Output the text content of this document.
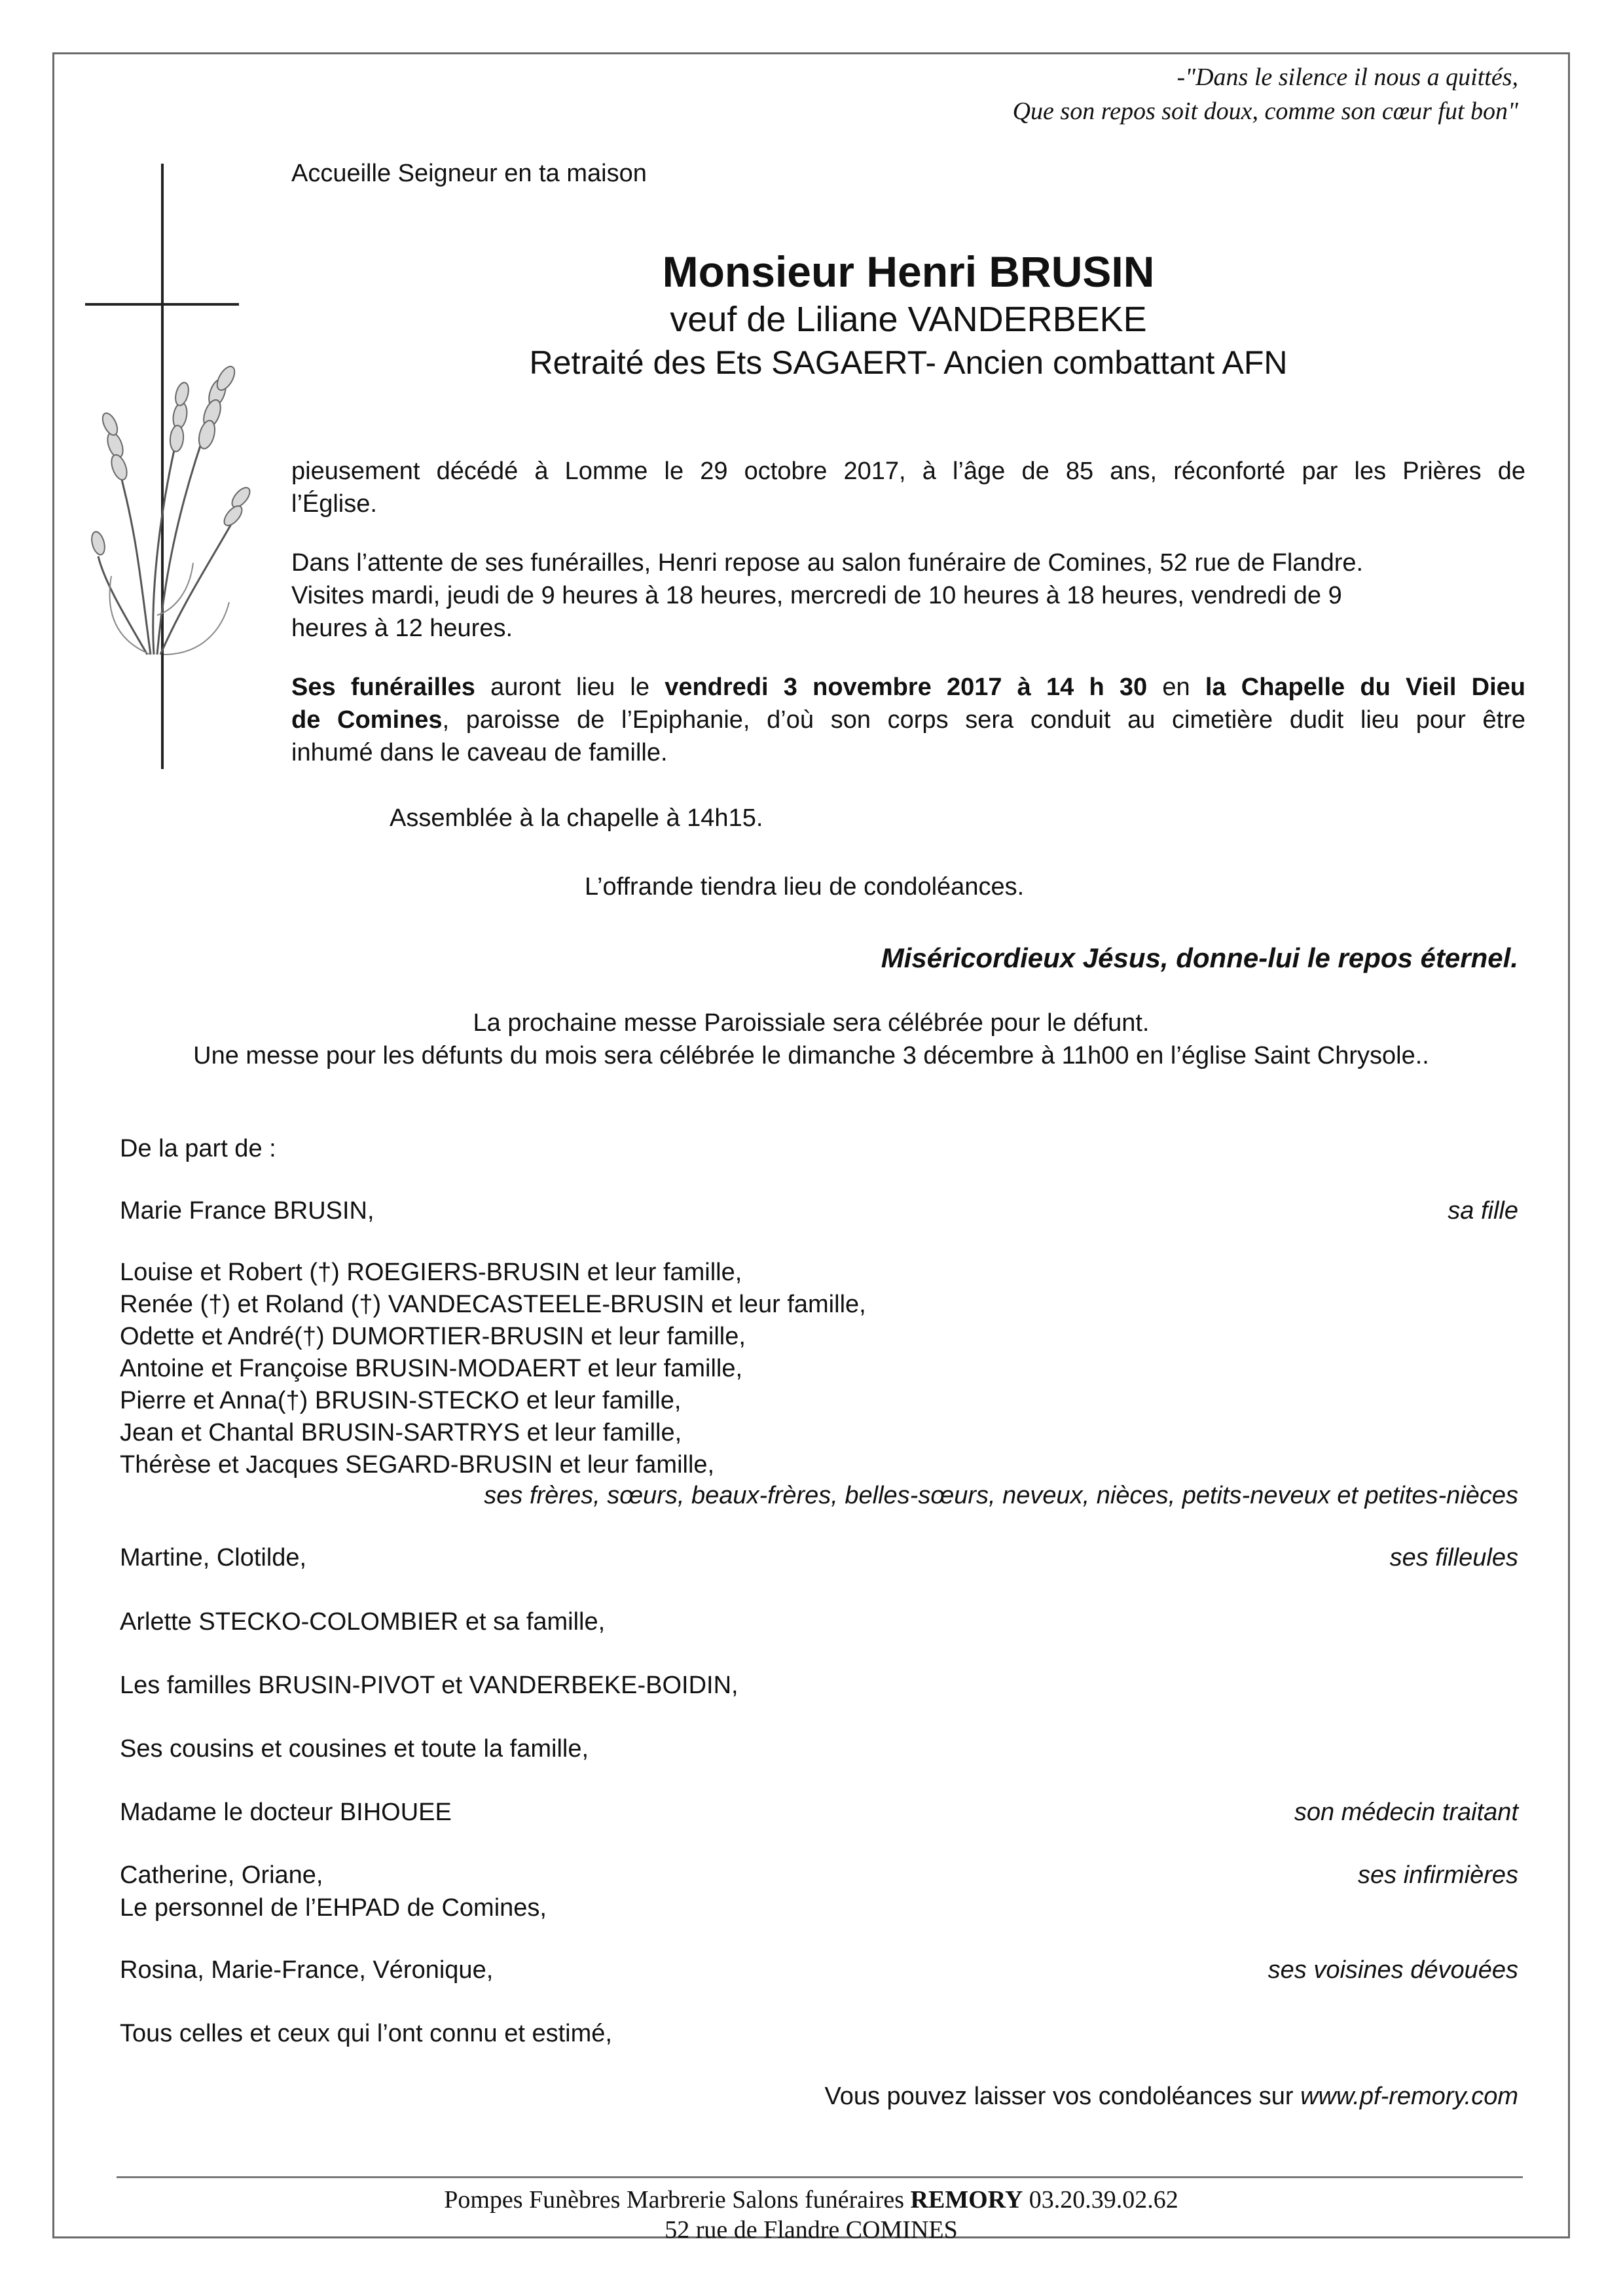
-"Dans le silence il nous a quittés,
Que son repos soit doux, comme son cœur fut bon"
Accueille Seigneur en ta maison
Monsieur Henri BRUSIN
veuf de Liliane VANDERBEKE
Retraité des Ets SAGAERT- Ancien combattant AFN
pieusement décédé à Lomme le 29 octobre 2017, à l’âge de 85 ans, réconforté par les Prières de
l’Église.
Dans l’attente de ses funérailles, Henri repose au salon funéraire de Comines, 52 rue de Flandre.
Visites mardi, jeudi de 9 heures à 18 heures, mercredi de 10 heures à 18 heures, vendredi de 9
heures à 12 heures.
Ses funérailles auront lieu le vendredi 3 novembre 2017 à 14 h 30 en la Chapelle du Vieil Dieu
de Comines, paroisse de l’Epiphanie, d’où son corps sera conduit au cimetière dudit lieu pour être
inhumé dans le caveau de famille.
Assemblée à la chapelle à 14h15.
L’offrande tiendra lieu de condoléances.
Miséricordieux Jésus, donne-lui le repos éternel.
La prochaine messe Paroissiale sera célébrée pour le défunt.
Une messe pour les défunts du mois sera célébrée le dimanche 3 décembre à 11h00 en l’église Saint Chrysole..
De la part de :
Marie France BRUSIN,	sa fille
Louise et Robert (†) ROEGIERS-BRUSIN et leur famille,
Renée (†) et Roland (†) VANDECASTEELE-BRUSIN et leur famille,
Odette et André(†) DUMORTIER-BRUSIN et leur famille,
Antoine et Françoise BRUSIN-MODAERT et leur famille,
Pierre et Anna(†) BRUSIN-STECKO et leur famille,
Jean et Chantal BRUSIN-SARTRYS et leur famille,
Thérèse et Jacques SEGARD-BRUSIN et leur famille,
ses frères, sœurs, beaux-frères, belles-sœurs, neveux, nièces, petits-neveux et petites-nièces
Martine, Clotilde,	ses filleules
Arlette STECKO-COLOMBIER et sa famille,
Les familles BRUSIN-PIVOT et VANDERBEKE-BOIDIN,
Ses cousins et cousines et toute la famille,
Madame le docteur BIHOUEE	son médecin traitant
Catherine, Oriane,	ses infirmières
Le personnel de l’EHPAD de Comines,
Rosina, Marie-France, Véronique,	ses voisines dévouées
Tous celles et ceux qui l’ont connu et estimé,
Vous pouvez laisser vos condoléances sur www.pf-remory.com
Pompes Funèbres Marbrerie Salons funéraires REMORY 03.20.39.02.62
52 rue de Flandre COMINES
